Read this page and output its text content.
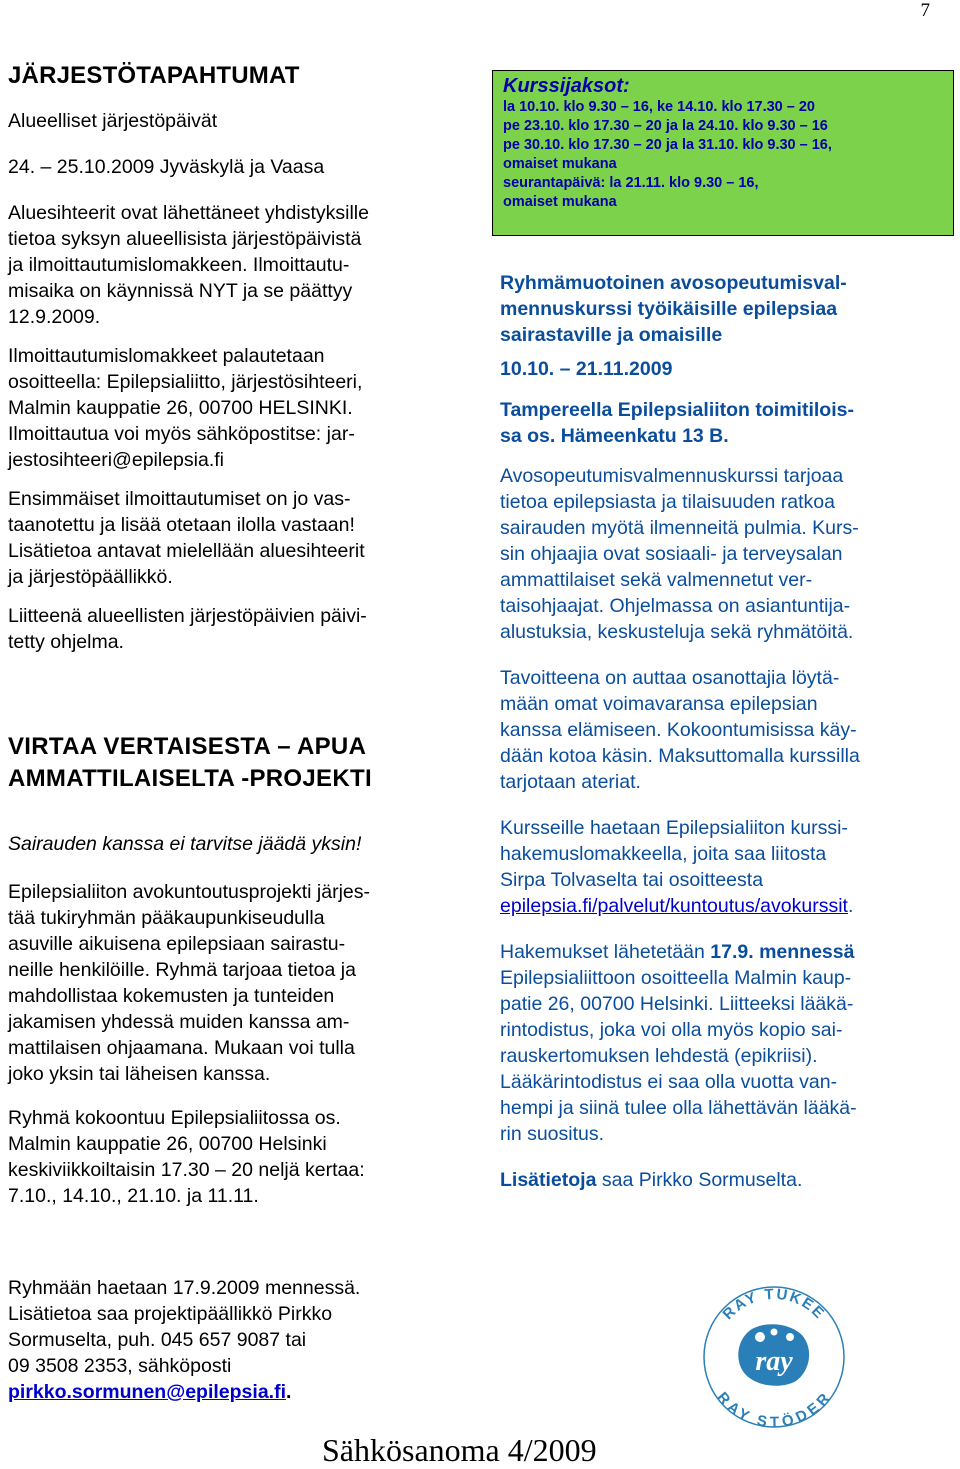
7
JÄRJESTÖTAPAHTUMAT
Alueelliset järjestöpäivät
24. – 25.10.2009 Jyväskylä ja Vaasa
Aluesihteerit ovat lähettäneet yhdistyksille
tietoa syksyn alueellisista järjestöpäivistä
ja ilmoittautumislomakkeen. Ilmoittautu-
misaika on käynnissä NYT ja se päättyy
12.9.2009.
Ilmoittautumislomakkeet palautetaan
osoitteella: Epilepsialiitto, järjestösihteeri,
Malmin kauppatie 26, 00700 HELSINKI.
Ilmoittautua voi myös sähköpostitse: jar-
jestosihteeri@epilepsia.fi
Ensimmäiset ilmoittautumiset on jo vas-
taanotettu ja lisää otetaan ilolla vastaan!
Lisätietoa antavat mielellään aluesihteerit
ja järjestöpäällikkö.
Liitteenä alueellisten järjestöpäivien päivi-
tetty ohjelma.
VIRTAA VERTAISESTA – APUA
AMMATTILAISELTA -PROJEKTI
Sairauden kanssa ei tarvitse jäädä yksin!
Epilepsialiiton avokuntoutusprojekti järjes-
tää tukiryhmän pääkaupunkiseudulla
asuville aikuisena epilepsiaan sairastu-
neille henkilöille. Ryhmä tarjoaa tietoa ja
mahdollistaa kokemusten ja tunteiden
jakamisen yhdessä muiden kanssa am-
mattilaisen ohjaamana. Mukaan voi tulla
joko yksin tai läheisen kanssa.
Ryhmä kokoontuu Epilepsialiitossa os.
Malmin kauppatie 26, 00700 Helsinki
keskiviikkoiltaisin 17.30 – 20 neljä kertaa:
7.10., 14.10., 21.10. ja 11.11.
Ryhmään haetaan 17.9.2009 mennessä.
Lisätietoa saa projektipäällikkö Pirkko
Sormuselta, puh. 045 657 9087 tai
09 3508 2353, sähköposti
pirkko.sormunen@epilepsia.fi.
Kurssijaksot:
la 10.10. klo 9.30 – 16, ke 14.10. klo 17.30 – 20
pe 23.10. klo 17.30 – 20 ja la 24.10. klo 9.30 – 16
pe 30.10. klo 17.30 – 20 ja la 31.10. klo 9.30 – 16,
omaiset mukana
seurantapäivä: la 21.11. klo 9.30 – 16,
omaiset mukana
Ryhmämuotoinen avosopeutumisval-
mennuskurssi työikäisille epilepsiaa
sairastaville ja omaisille
10.10. – 21.11.2009
Tampereella Epilepsialiiton toimitilois-
sa os. Hämeenkatu 13 B.
Avosopeutumisvalmennuskurssi tarjoaa
tietoa epilepsiasta ja tilaisuuden ratkoa
sairauden myötä ilmenneitä pulmia. Kurs-
sin ohjaajia ovat sosiaali- ja terveysalan
ammattilaiset sekä valmennetut ver-
taisohjaajat. Ohjelmassa on asiantuntija-
alustuksia, keskusteluja sekä ryhmätöitä.
Tavoitteena on auttaa osanottajia löytä-
mään omat voimavaransa epilepsian
kanssa elämiseen. Kokoontumisissa käy-
dään kotoa käsin. Maksuttomalla kurssilla
tarjotaan ateriat.
Kursseille haetaan Epilepsialiiton kurssi-
hakemuslomakkeella, joita saa liitosta
Sirpa Tolvaselta tai osoitteesta
epilepsia.fi/palvelut/kuntoutus/avokurssit.
Hakemukset lähetetään 17.9. mennessä
Epilepsialiittoon osoitteella Malmin kaup-
patie 26, 00700 Helsinki. Liitteeksi lääkä-
rintodistus, joka voi olla myös kopio sai-
rauskertomuksen lehdestä (epikriisi).
Lääkärintodistus ei saa olla vuotta van-
hempi ja siinä tulee olla lähettävän lääkä-
rin suositus.
Lisätietoja saa Pirkko Sormuselta.
RAY TUKEE
RAY STÖDER
ray
Sähkösanoma 4/2009
